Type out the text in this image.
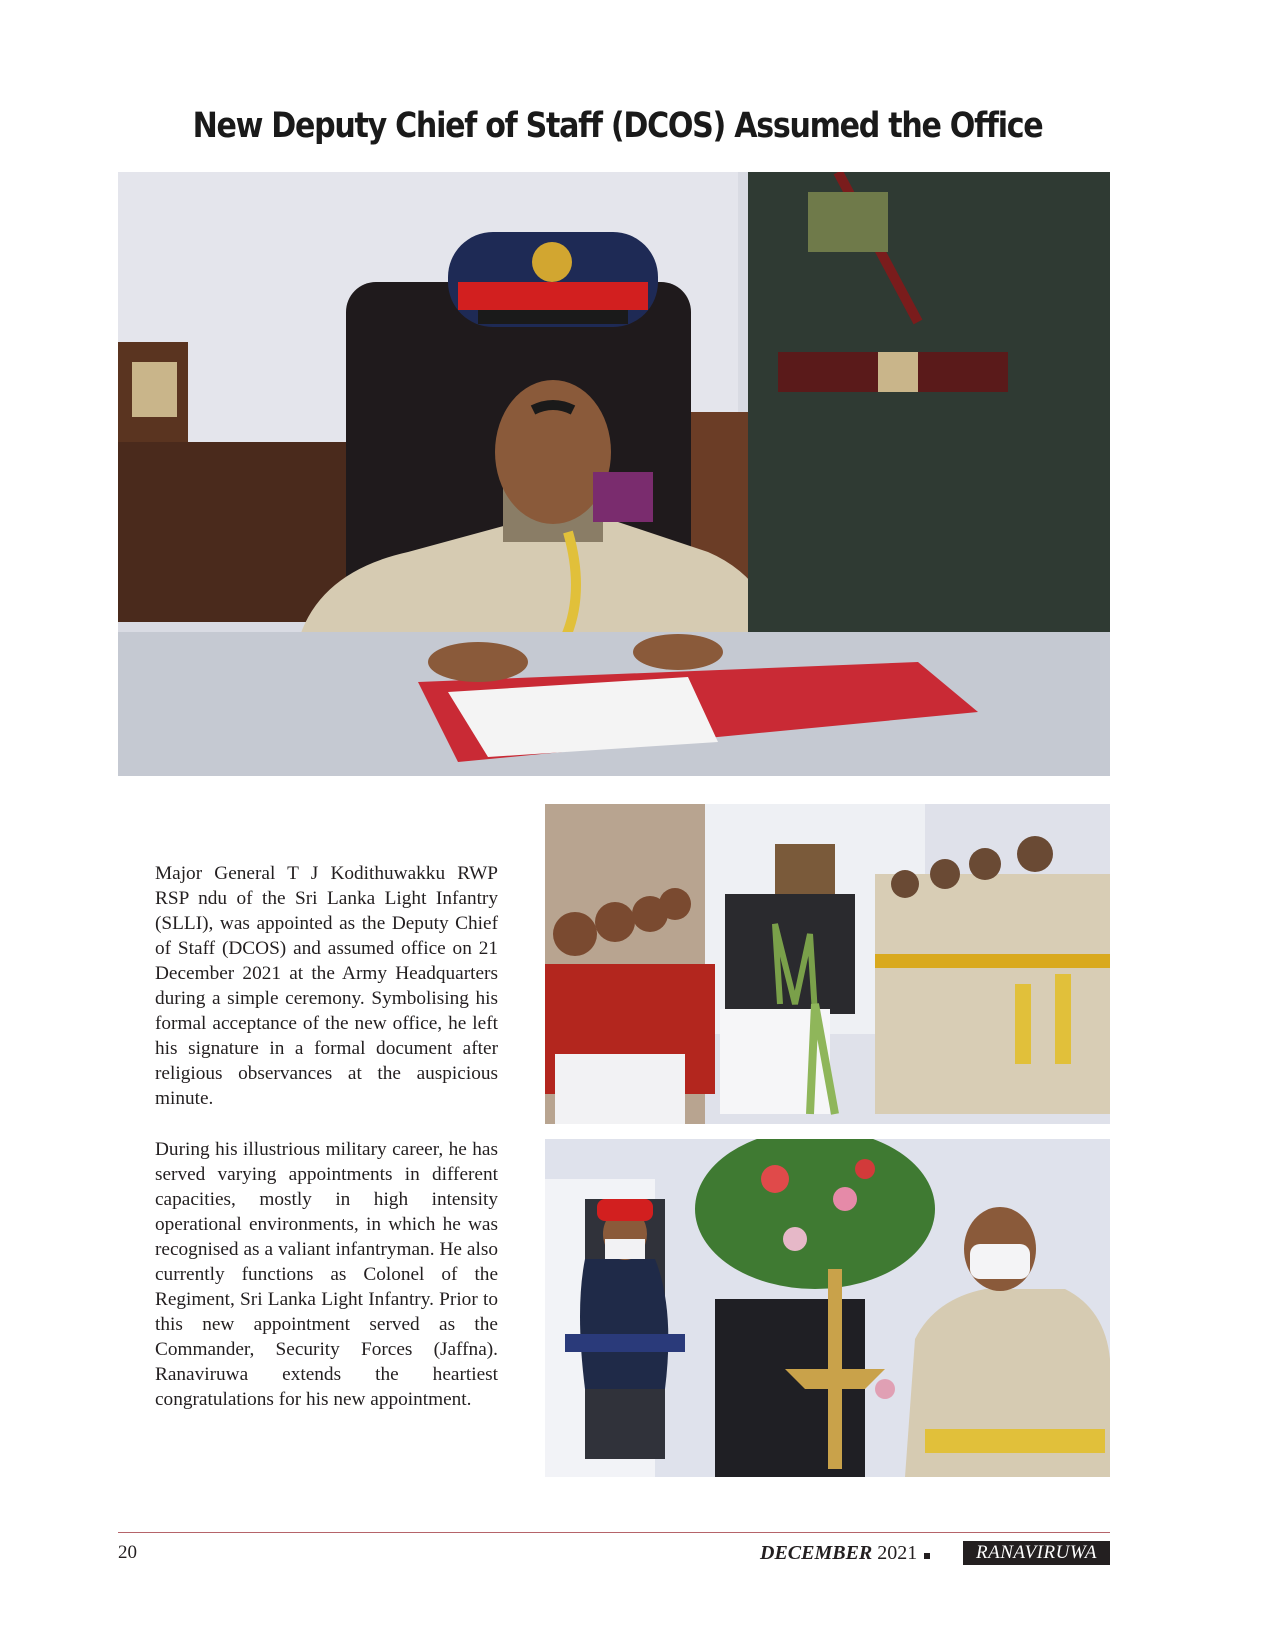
New Deputy Chief of Staff (DCOS) Assumed the Office

Major General T J Kodithuwakku RWP RSP ndu of the Sri Lanka Light Infantry (SLLI), was appointed as the Deputy Chief of Staff (DCOS) and assumed office on 21 December 2021 at the Army Headquarters during a simple ceremony. Symbolising his formal acceptance of the new office, he left his signature in a formal document after religious observances at the auspicious minute.

During his illustrious military career, he has served varying appointments in different capacities, mostly in high intensity operational environments, in which he was recognised as a valiant infantryman. He also currently functions as Colonel of the Regiment, Sri Lanka Light Infantry. Prior to this new appointment served as the Commander, Security Forces (Jaffna). Ranaviruwa extends the heartiest congratulations for his new appointment.

20	DECEMBER 2021	RANAVIRUWA
